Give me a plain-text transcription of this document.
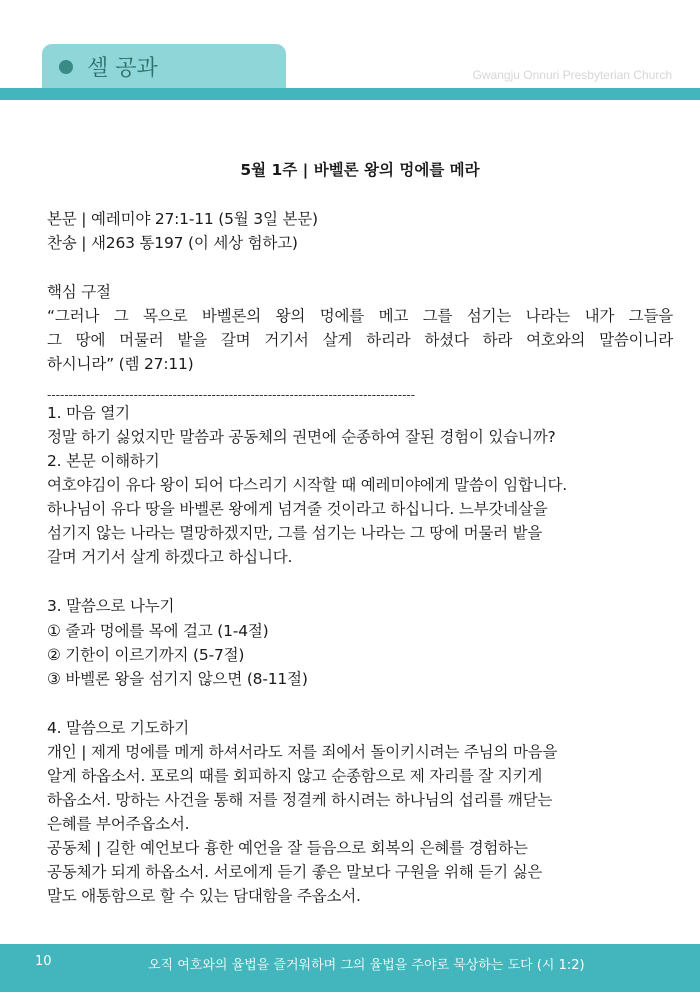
셀 공과	Gwangju Onnuri Presbyterian Church
5월 1주 | 바벨론 왕의 멍에를 메라
본문 | 예레미야 27:1-11 (5월 3일 본문)
찬송 | 새263 통197 (이 세상 험하고)
핵심 구절
“그러나 그 목으로 바벨론의 왕의 멍에를 메고 그를 섬기는 나라는 내가 그들을
그 땅에 머물러 밭을 갈며 거기서 살게 하리라 하셨다 하라 여호와의 말씀이니라
하시니라” (렘 27:11)
-------------------------------------------------------------------------------------
1. 마음 열기
정말 하기 싫었지만 말씀과 공동체의 권면에 순종하여 잘된 경험이 있습니까?
2. 본문 이해하기
여호야김이 유다 왕이 되어 다스리기 시작할 때 예레미야에게 말씀이 임합니다.
하나님이 유다 땅을 바벨론 왕에게 넘겨줄 것이라고 하십니다. 느부갓네살을
섬기지 않는 나라는 멸망하겠지만, 그를 섬기는 나라는 그 땅에 머물러 밭을
갈며 거기서 살게 하겠다고 하십니다.
3. 말씀으로 나누기
① 줄과 멍에를 목에 걸고 (1-4절)
② 기한이 이르기까지 (5-7절)
③ 바벨론 왕을 섬기지 않으면 (8-11절)
4. 말씀으로 기도하기
개인 | 제게 멍에를 메게 하셔서라도 저를 죄에서 돌이키시려는 주님의 마음을
알게 하옵소서. 포로의 때를 회피하지 않고 순종함으로 제 자리를 잘 지키게
하옵소서. 망하는 사건을 통해 저를 정결케 하시려는 하나님의 섭리를 깨닫는
은혜를 부어주옵소서.
공동체 | 길한 예언보다 흉한 예언을 잘 들음으로 회복의 은혜를 경험하는
공동체가 되게 하옵소서. 서로에게 듣기 좋은 말보다 구원을 위해 듣기 싫은
말도 애통함으로 할 수 있는 담대함을 주옵소서.
10	오직 여호와의 율법을 즐거워하며 그의 율법을 주야로 묵상하는 도다 (시 1:2)
